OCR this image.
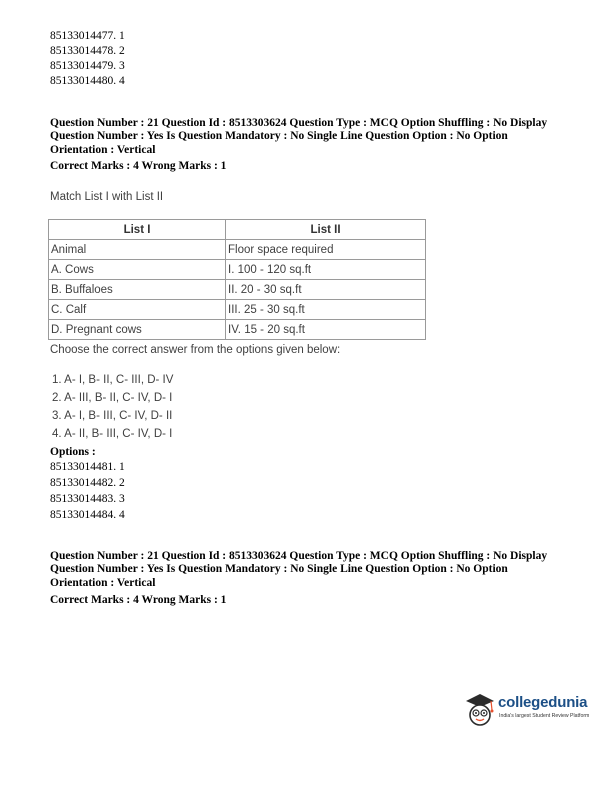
85133014477. 1
85133014478. 2
85133014479. 3
85133014480. 4
Question Number : 21 Question Id : 8513303624 Question Type : MCQ Option Shuffling : No Display
Question Number : Yes Is Question Mandatory : No Single Line Question Option : No Option
Orientation : Vertical
Correct Marks : 4 Wrong Marks : 1
Match List I with List II
List I	List II
Animal	Floor space required
A. Cows	I. 100 - 120 sq.ft
B. Buffaloes	II. 20 - 30 sq.ft
C. Calf	III. 25 - 30 sq.ft
D. Pregnant cows	IV. 15 - 20 sq.ft
Choose the correct answer from the options given below:
1. A- I, B- II, C- III, D- IV
2. A- III, B- II, C- IV, D- I
3. A- I, B- III, C- IV, D- II
4. A- II, B- III, C- IV, D- I
Options :
85133014481. 1
85133014482. 2
85133014483. 3
85133014484. 4
Question Number : 21 Question Id : 8513303624 Question Type : MCQ Option Shuffling : No Display
Question Number : Yes Is Question Mandatory : No Single Line Question Option : No Option
Orientation : Vertical
Correct Marks : 4 Wrong Marks : 1
collegedunia
India's largest Student Review Platform
